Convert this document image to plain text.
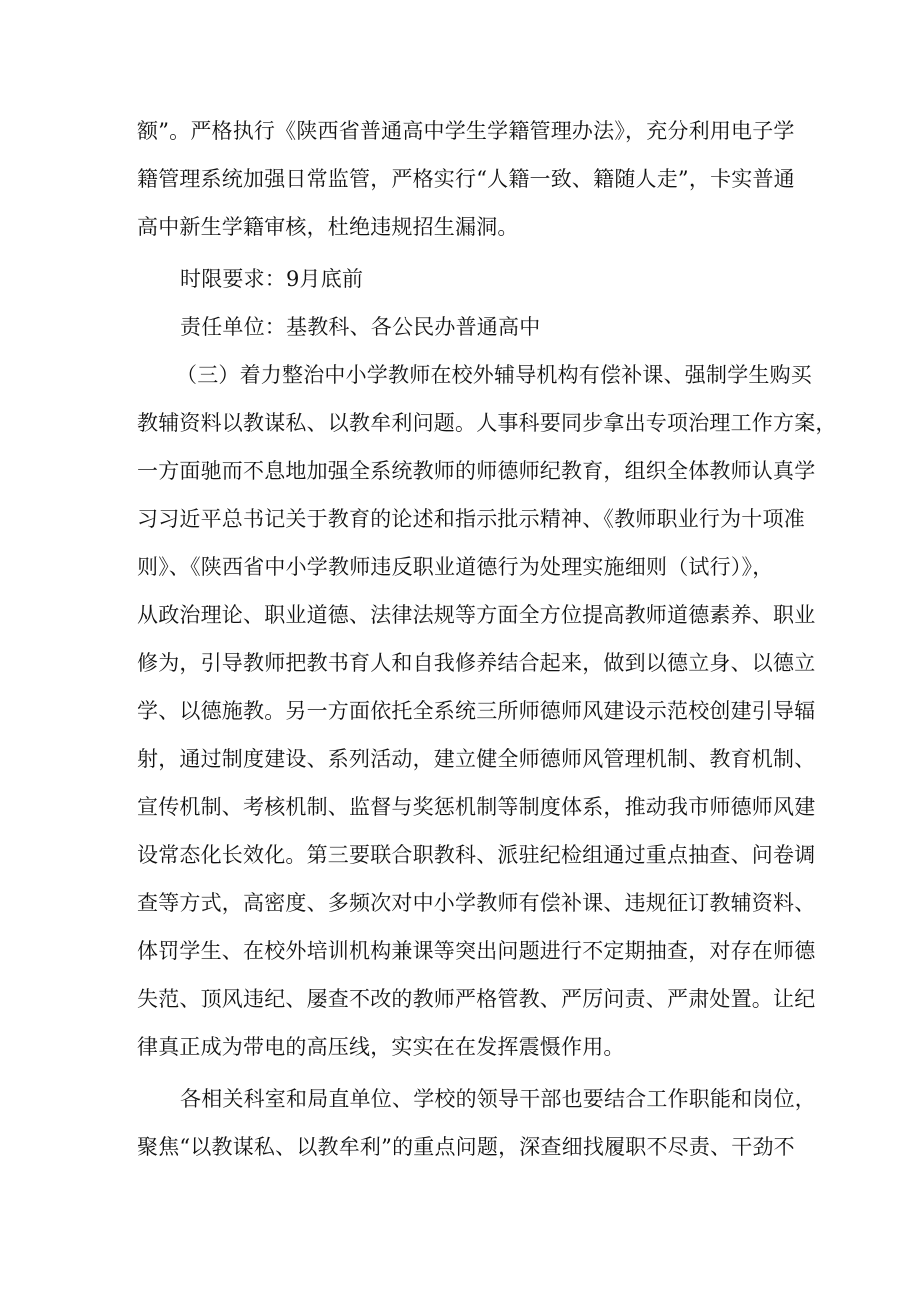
额”。严格执行《陕西省普通高中学生学籍管理办法》，充分利用电子学
籍管理系统加强日常监管，严格实行“人籍一致、籍随人走”，卡实普通
高中新生学籍审核，杜绝违规招生漏洞。
时限要求：9月底前
责任单位：基教科、各公民办普通高中
（三）着力整治中小学教师在校外辅导机构有偿补课、强制学生购买
教辅资料以教谋私、以教牟利问题。人事科要同步拿出专项治理工作方案，
一方面驰而不息地加强全系统教师的师德师纪教育，组织全体教师认真学
习习近平总书记关于教育的论述和指示批示精神、《教师职业行为十项准
则》、《陕西省中小学教师违反职业道德行为处理实施细则（试行）》，
从政治理论、职业道德、法律法规等方面全方位提高教师道德素养、职业
修为，引导教师把教书育人和自我修养结合起来，做到以德立身、以德立
学、以德施教。另一方面依托全系统三所师德师风建设示范校创建引导辐
射，通过制度建设、系列活动，建立健全师德师风管理机制、教育机制、
宣传机制、考核机制、监督与奖惩机制等制度体系，推动我市师德师风建
设常态化长效化。第三要联合职教科、派驻纪检组通过重点抽查、问卷调
查等方式，高密度、多频次对中小学教师有偿补课、违规征订教辅资料、
体罚学生、在校外培训机构兼课等突出问题进行不定期抽查，对存在师德
失范、顶风违纪、屡查不改的教师严格管教、严厉问责、严肃处置。让纪
律真正成为带电的高压线，实实在在发挥震慑作用。
各相关科室和局直单位、学校的领导干部也要结合工作职能和岗位，
聚焦“以教谋私、以教牟利”的重点问题，深查细找履职不尽责、干劲不
